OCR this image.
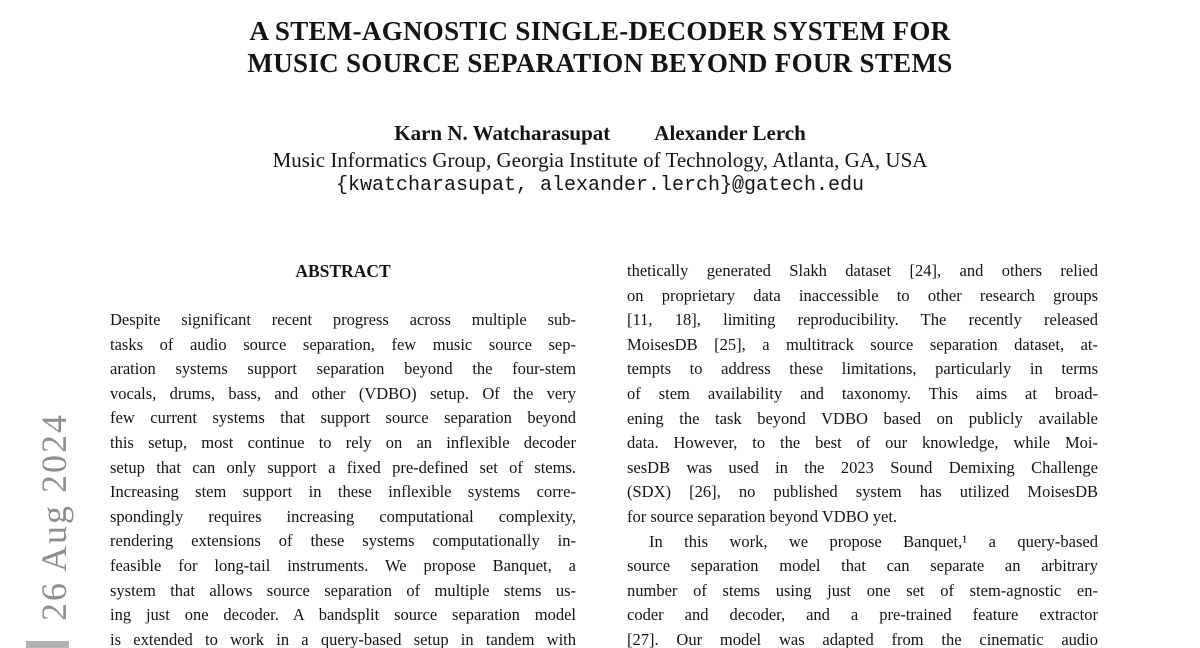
26 Aug 2024
A STEM-AGNOSTIC SINGLE-DECODER SYSTEM FOR
MUSIC SOURCE SEPARATION BEYOND FOUR STEMS
Karn N. Watcharasupat Alexander Lerch
Music Informatics Group, Georgia Institute of Technology, Atlanta, GA, USA
{kwatcharasupat, alexander.lerch}@gatech.edu
ABSTRACT
Despite significant recent progress across multiple sub-
tasks of audio source separation, few music source sep-
aration systems support separation beyond the four-stem
vocals, drums, bass, and other (VDBO) setup. Of the very
few current systems that support source separation beyond
this setup, most continue to rely on an inflexible decoder
setup that can only support a fixed pre-defined set of stems.
Increasing stem support in these inflexible systems corre-
spondingly requires increasing computational complexity,
rendering extensions of these systems computationally in-
feasible for long-tail instruments. We propose Banquet, a
system that allows source separation of multiple stems us-
ing just one decoder. A bandsplit source separation model
is extended to work in a query-based setup in tandem with
thetically generated Slakh dataset [24], and others relied
on proprietary data inaccessible to other research groups
[11, 18], limiting reproducibility. The recently released
MoisesDB [25], a multitrack source separation dataset, at-
tempts to address these limitations, particularly in terms
of stem availability and taxonomy. This aims at broad-
ening the task beyond VDBO based on publicly available
data. However, to the best of our knowledge, while Moi-
sesDB was used in the 2023 Sound Demixing Challenge
(SDX) [26], no published system has utilized MoisesDB
for source separation beyond VDBO yet.
In this work, we propose Banquet,¹ a query-based
source separation model that can separate an arbitrary
number of stems using just one set of stem-agnostic en-
coder and decoder, and a pre-trained feature extractor
[27]. Our model was adapted from the cinematic audio
